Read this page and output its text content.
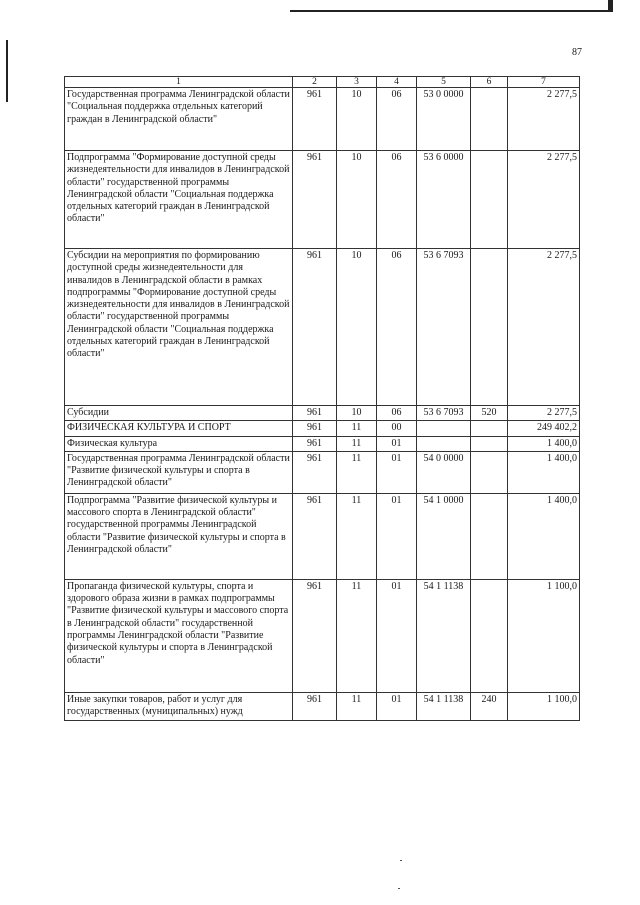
87
1	2	3	4	5	6	7
Государственная программа Ленинградской области "Социальная поддержка отдельных категорий граждан в Ленинградской области"	961	10	06	53 0 0000		2 277,5
Подпрограмма "Формирование доступной среды жизнедеятельности для инвалидов в Ленинградской области" государственной программы Ленинградской области "Социальная поддержка отдельных категорий граждан в Ленинградской области"	961	10	06	53 6 0000		2 277,5
Субсидии на мероприятия по формированию доступной среды жизнедеятельности для инвалидов в Ленинградской области в рамках подпрограммы "Формирование доступной среды жизнедеятельности для инвалидов в Ленинградской области" государственной программы Ленинградской области "Социальная поддержка отдельных категорий граждан в Ленинградской области"	961	10	06	53 6 7093		2 277,5
Субсидии	961	10	06	53 6 7093	520	2 277,5
ФИЗИЧЕСКАЯ КУЛЬТУРА И СПОРТ	961	11	00			249 402,2
Физическая культура	961	11	01			1 400,0
Государственная программа Ленинградской области "Развитие физической культуры и спорта в Ленинградской области"	961	11	01	54 0 0000		1 400,0
Подпрограмма "Развитие физической культуры и массового спорта в Ленинградской области" государственной программы Ленинградской области "Развитие физической культуры и спорта в Ленинградской области"	961	11	01	54 1 0000		1 400,0
Пропаганда физической культуры, спорта и здорового образа жизни в рамках подпрограммы "Развитие физической культуры и массового спорта в Ленинградской области" государственной программы Ленинградской области "Развитие физической культуры и спорта в Ленинградской области"	961	11	01	54 1 1138		1 100,0
Иные закупки товаров, работ и услуг для государственных (муниципальных) нужд	961	11	01	54 1 1138	240	1 100,0
